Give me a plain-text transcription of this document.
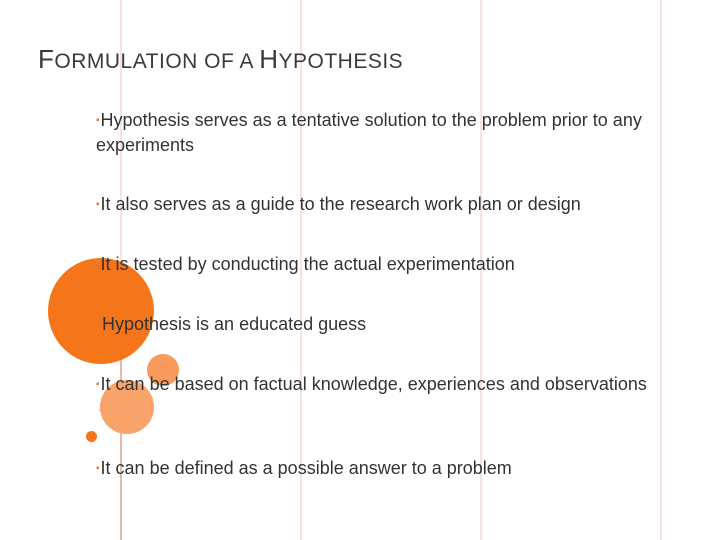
FORMULATION OF A HYPOTHESIS
▪Hypothesis serves as a tentative solution to the problem prior to any experiments
▪It also serves as a guide to the research work plan or design
▪It is tested by conducting the actual experimentation
Hypothesis is an educated guess
▪It can be based on factual knowledge, experiences and observations
▪It can be defined as a possible answer to a problem
